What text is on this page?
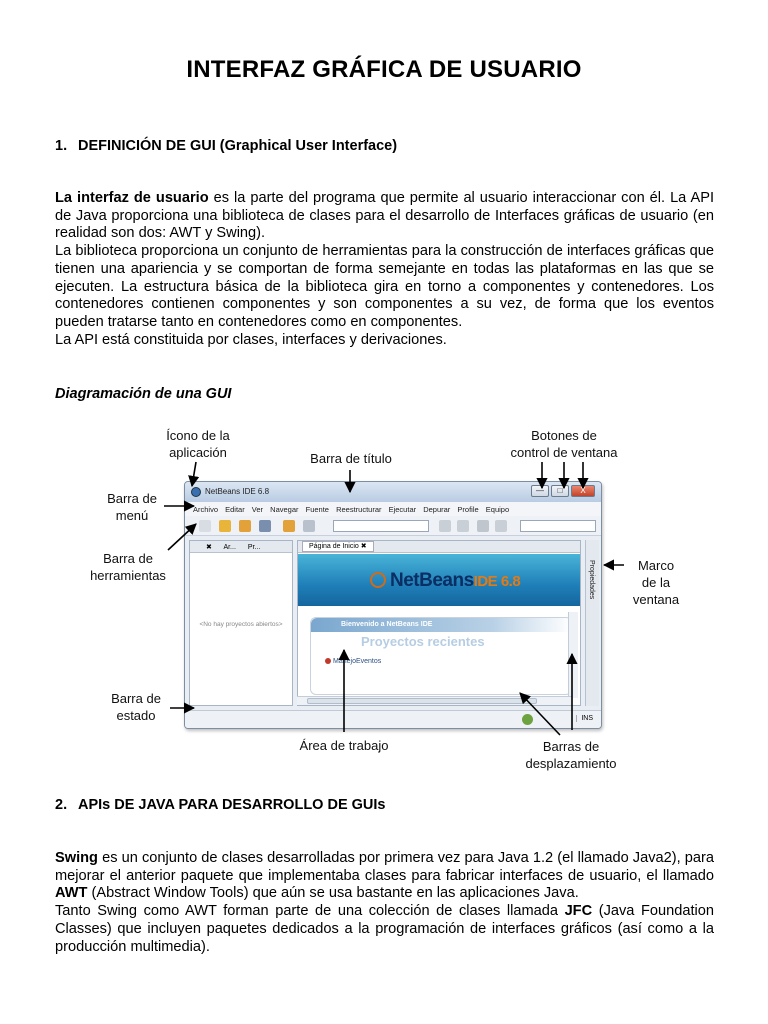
INTERFAZ GRÁFICA DE USUARIO
1. DEFINICIÓN DE GUI (Graphical User Interface)

La interfaz de usuario es la parte del programa que permite al usuario interaccionar con él. La API de Java proporciona una biblioteca de clases para el desarrollo de Interfaces gráficas de usuario (en realidad son dos: AWT y Swing).

La biblioteca proporciona un conjunto de herramientas para la construcción de interfaces gráficas que tienen una apariencia y se comportan de forma semejante en todas las plataformas en las que se ejecuten. La estructura básica de la biblioteca gira en torno a componentes y contenedores. Los contenedores contienen componentes y son componentes a su vez, de forma que los eventos pueden tratarse tanto en contenedores como en componentes.

La API está constituida por clases, interfaces y derivaciones.

Diagramación de una GUI
Ícono de la
aplicación	Barra de título
Botones de
control de ventana
Barra de
menú
Barra de
herramientas
Marco
de la
ventana
Barra de
estado
Área de trabajo	Barras de
desplazamiento
NetBeans IDE 6.8	—	□	X
Archivo Editar Ver Navegar Fuente Reestructurar Ejecutar Depurar Profile Equipo
✖ Ar... Pr...
<No hay proyectos abiertos>
Página de Inicio ✖
NetBeansIDE 6.8
Bienvenido a NetBeans IDE
Proyectos recientes
ManejoEventos
Propiedades
INS
2. APIs DE JAVA PARA DESARROLLO DE GUIs

Swing es un conjunto de clases desarrolladas por primera vez para Java 1.2 (el llamado Java2), para mejorar el anterior paquete que implementaba clases para fabricar interfaces de usuario, el llamado AWT (Abstract Window Tools) que aún se usa bastante en las aplicaciones Java.

Tanto Swing como AWT forman parte de una colección de clases llamada JFC (Java Foundation Classes) que incluyen paquetes dedicados a la programación de interfaces gráficos (así como a la producción multimedia).
